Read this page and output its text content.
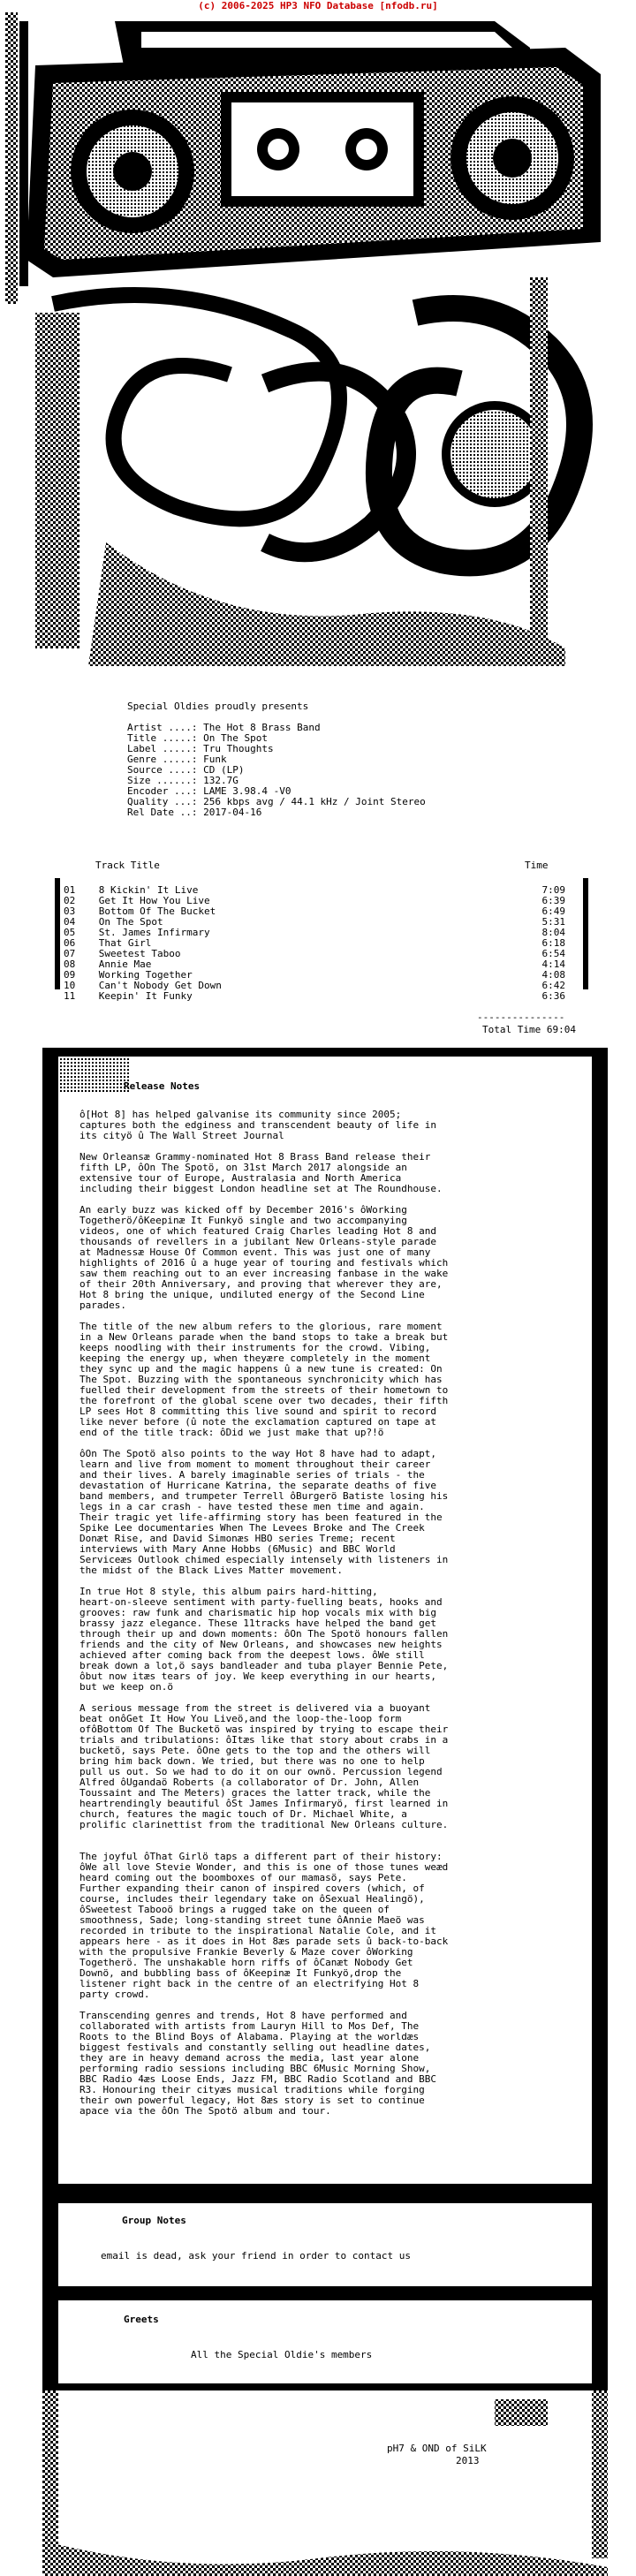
(c) 2006-2025 HP3 NFO Database [nfodb.ru]
Special Oldies proudly presents
Artist ....: The Hot 8 Brass Band
Title .....: On The Spot
Label .....: Tru Thoughts
Genre .....: Funk
Source ....: CD (LP)
Size ......: 132.7G
Encoder ...: LAME 3.98.4 -V0
Quality ...: 256 kbps avg / 44.1 kHz / Joint Stereo
Rel Date ..: 2017-04-16
Track Title	Time
01 8 Kickin' It Live	7:09
02 Get It How You Live	6:39
03 Bottom Of The Bucket	6:49
04 On The Spot	5:31
05 St. James Infirmary	8:04
06 That Girl	6:18
07 Sweetest Taboo	6:54
08 Annie Mae	4:14
09 Working Together	4:08
10 Can't Nobody Get Down	6:42
11 Keepin' It Funky	6:36
---------------
Total Time 69:04
Release Notes
ô[Hot 8] has helped galvanise its community since 2005;
captures both the edginess and transcendent beauty of life in
its cityö û The Wall Street Journal
New Orleansæ Grammy-nominated Hot 8 Brass Band release their
fifth LP, ôOn The Spotö, on 31st March 2017 alongside an
extensive tour of Europe, Australasia and North America
including their biggest London headline set at The Roundhouse.
An early buzz was kicked off by December 2016's ôWorking
Togetherö/ôKeepinæ It Funkyö single and two accompanying
videos, one of which featured Craig Charles leading Hot 8 and
thousands of revellers in a jubilant New Orleans-style parade
at Madnessæ House Of Common event. This was just one of many
highlights of 2016 û a huge year of touring and festivals which
saw them reaching out to an ever increasing fanbase in the wake
of their 20th Anniversary, and proving that wherever they are,
Hot 8 bring the unique, undiluted energy of the Second Line
parades.
The title of the new album refers to the glorious, rare moment
in a New Orleans parade when the band stops to take a break but
keeps noodling with their instruments for the crowd. Vibing,
keeping the energy up, when theyære completely in the moment
they sync up and the magic happens û a new tune is created: On
The Spot. Buzzing with the spontaneous synchronicity which has
fuelled their development from the streets of their hometown to
the forefront of the global scene over two decades, their fifth
LP sees Hot 8 committing this live sound and spirit to record
like never before (û note the exclamation captured on tape at
end of the title track: ôDid we just make that up?!ö
ôOn The Spotö also points to the way Hot 8 have had to adapt,
learn and live from moment to moment throughout their career
and their lives. A barely imaginable series of trials - the
devastation of Hurricane Katrina, the separate deaths of five
band members, and trumpeter Terrell ôBurgerö Batiste losing his
legs in a car crash - have tested these men time and again.
Their tragic yet life-affirming story has been featured in the
Spike Lee documentaries When The Levees Broke and The Creek
Donæt Rise, and David Simonæs HBO series Treme; recent
interviews with Mary Anne Hobbs (6Music) and BBC World
Serviceæs Outlook chimed especially intensely with listeners in
the midst of the Black Lives Matter movement.
In true Hot 8 style, this album pairs hard-hitting,
heart-on-sleeve sentiment with party-fuelling beats, hooks and
grooves: raw funk and charismatic hip hop vocals mix with big
brassy jazz elegance. These 11tracks have helped the band get
through their up and down moments: ôOn The Spotö honours fallen
friends and the city of New Orleans, and showcases new heights
achieved after coming back from the deepest lows. ôWe still
break down a lot,ö says bandleader and tuba player Bennie Pete,
ôbut now itæs tears of joy. We keep everything in our hearts,
but we keep on.ö
A serious message from the street is delivered via a buoyant
beat onôGet It How You Liveö,and the loop-the-loop form
ofôBottom Of The Bucketö was inspired by trying to escape their
trials and tribulations: ôItæs like that story about crabs in a
bucketö, says Pete. ôOne gets to the top and the others will
bring him back down. We tried, but there was no one to help
pull us out. So we had to do it on our ownö. Percussion legend
Alfred ôUgandaö Roberts (a collaborator of Dr. John, Allen
Toussaint and The Meters) graces the latter track, while the
heartrendingly beautiful ôSt James Infirmaryö, first learned in
church, features the magic touch of Dr. Michael White, a
prolific clarinettist from the traditional New Orleans culture.
The joyful ôThat Girlö taps a different part of their history:
ôWe all love Stevie Wonder, and this is one of those tunes weæd
heard coming out the boomboxes of our mamasö, says Pete.
Further expanding their canon of inspired covers (which, of
course, includes their legendary take on ôSexual Healingö),
ôSweetest Tabooö brings a rugged take on the queen of
smoothness, Sade; long-standing street tune ôAnnie Maeö was
recorded in tribute to the inspirational Natalie Cole, and it
appears here - as it does in Hot 8æs parade sets û back-to-back
with the propulsive Frankie Beverly & Maze cover ôWorking
Togetherö. The unshakable horn riffs of ôCanæt Nobody Get
Downö, and bubbling bass of ôKeepinæ It Funkyö,drop the
listener right back in the centre of an electrifying Hot 8
party crowd.
Transcending genres and trends, Hot 8 have performed and
collaborated with artists from Lauryn Hill to Mos Def, The
Roots to the Blind Boys of Alabama. Playing at the worldæs
biggest festivals and constantly selling out headline dates,
they are in heavy demand across the media, last year alone
performing radio sessions including BBC 6Music Morning Show,
BBC Radio 4æs Loose Ends, Jazz FM, BBC Radio Scotland and BBC
R3. Honouring their cityæs musical traditions while forging
their own powerful legacy, Hot 8æs story is set to continue
apace via the ôOn The Spotö album and tour.
Group Notes
email is dead, ask your friend in order to contact us
Greets
All the Special Oldie's members
pH7 & OND of SiLK
2013
